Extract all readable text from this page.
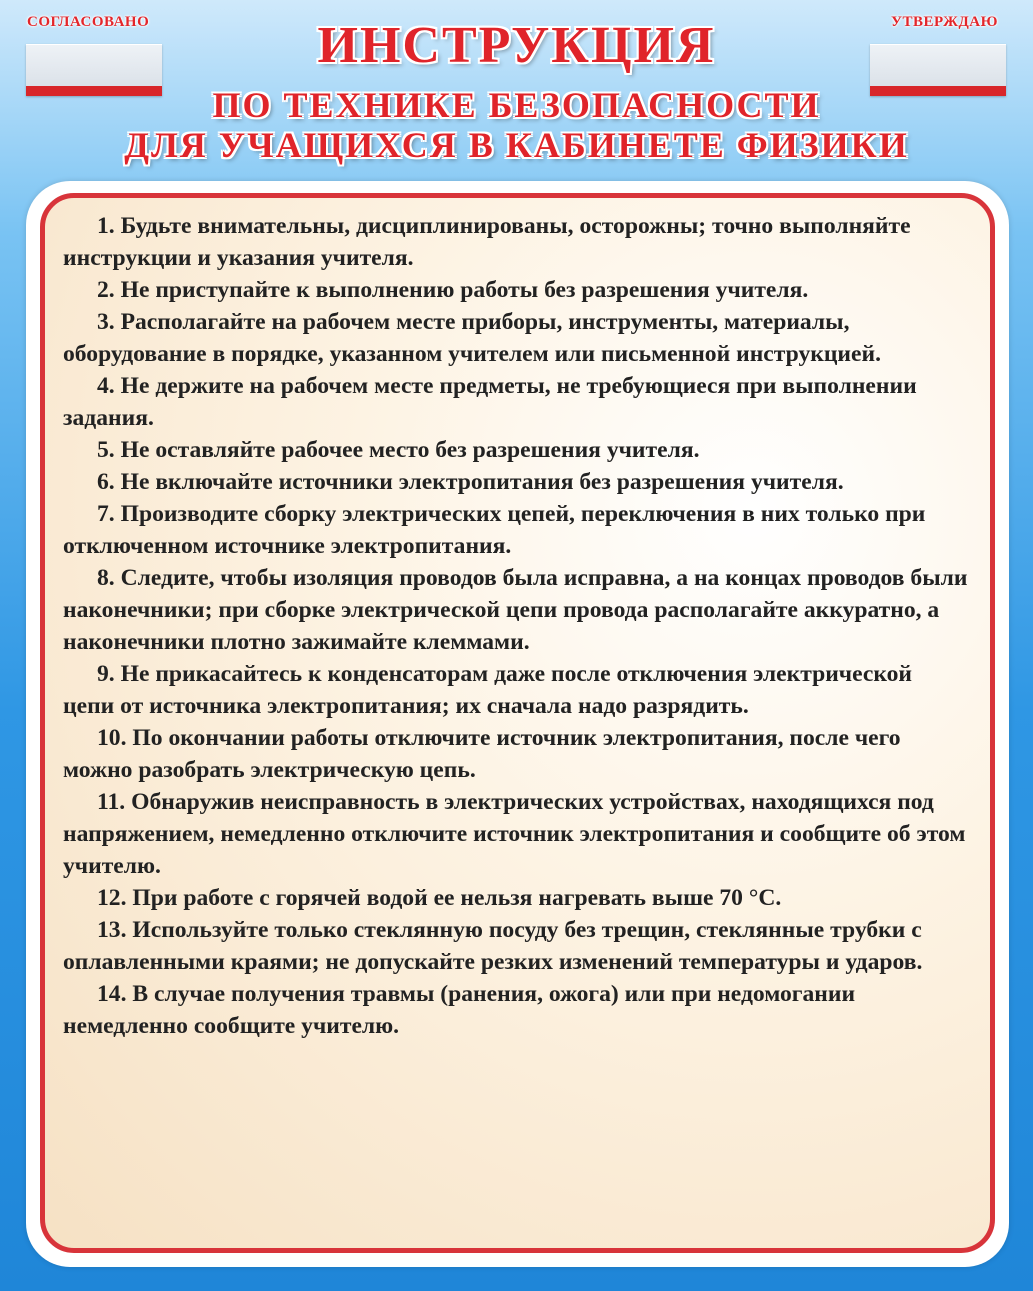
СОГЛАСОВАНО	УТВЕРЖДАЮ
ИНСТРУКЦИЯ
ПО ТЕХНИКЕ БЕЗОПАСНОСТИ
ДЛЯ УЧАЩИХСЯ В КАБИНЕТЕ ФИЗИКИ

1. Будьте внимательны, дисциплинированы, осторожны; точно выполняйте инструкции и указания учителя.

2. Не приступайте к выполнению работы без разрешения учителя.

3. Располагайте на рабочем месте приборы, инструменты, материалы, оборудование в порядке, указанном учителем или письменной инструкцией.

4. Не держите на рабочем месте предметы, не требующиеся при выполнении задания.

5. Не оставляйте рабочее место без разрешения учителя.

6. Не включайте источники электропитания без разрешения учителя.

7. Производите сборку электрических цепей, переключения в них только при отключенном источнике электропитания.

8. Следите, чтобы изоляция проводов была исправна, а на концах проводов были наконечники; при сборке электрической цепи провода располагайте аккуратно, а наконечники плотно зажимайте клеммами.

9. Не прикасайтесь к конденсаторам даже после отключения электрической цепи от источника электропитания; их сначала надо разрядить.

10. По окончании работы отключите источник электропитания, после чего можно разобрать электрическую цепь.

11. Обнаружив неисправность в электрических устройствах, находящихся под напряжением, немедленно отключите источник электропитания и сообщите об этом учителю.

12. При работе с горячей водой ее нельзя нагревать выше 70 °С.

13. Используйте только стеклянную посуду без трещин, стеклянные трубки с оплавленными краями; не допускайте резких изменений температуры и ударов.

14. В случае получения травмы (ранения, ожога) или при недомогании немедленно сообщите учителю.
